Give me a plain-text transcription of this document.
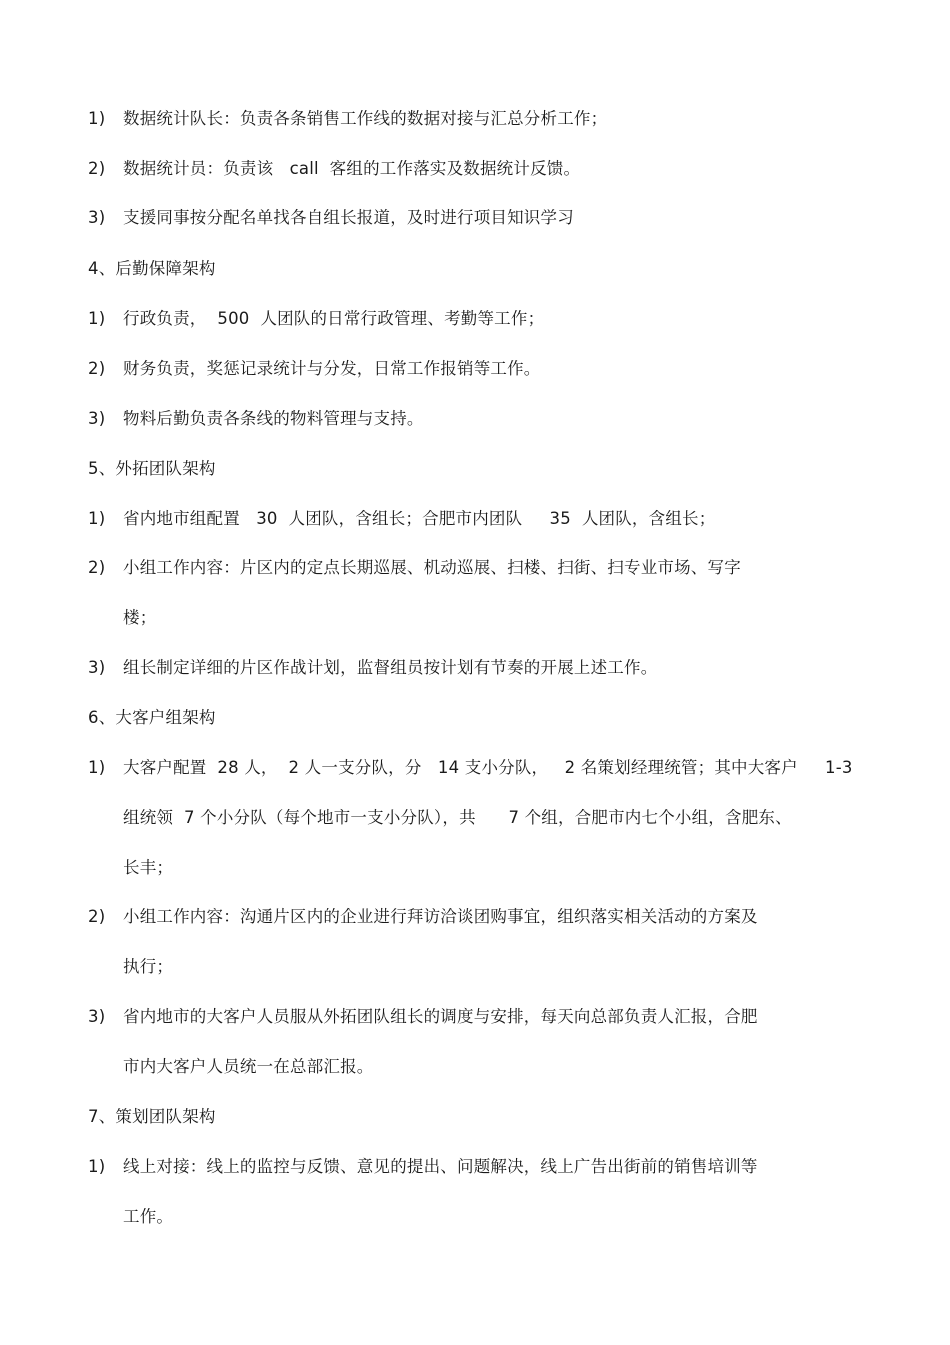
1)

数据统计队长：负责各条销售工作线的数据对接与汇总分析工作；

2)

数据统计员：负责该   call  客组的工作落实及数据统计反馈。

3)

支援同事按分配名单找各自组长报道，及时进行项目知识学习

4、后勤保障架构

1)

行政负责，  500  人团队的日常行政管理、考勤等工作；

2)

财务负责，奖惩记录统计与分发，日常工作报销等工作。

3)

物料后勤负责各条线的物料管理与支持。

5、外拓团队架构

1)

省内地市组配置   30  人团队，含组长；合肥市内团队     35  人团队，含组长；

2)

小组工作内容：片区内的定点长期巡展、机动巡展、扫楼、扫街、扫专业市场、写字

楼；

3)

组长制定详细的片区作战计划，监督组员按计划有节奏的开展上述工作。

6、大客户组架构

1)

大客户配置  28 人，  2 人一支分队，分   14 支小分队，   2 名策划经理统管；其中大客户     1-3

组统领  7 个小分队（每个地市一支小分队），共      7 个组，合肥市内七个小组，含肥东、
长丰；

2)

小组工作内容：沟通片区内的企业进行拜访洽谈团购事宜，组织落实相关活动的方案及

执行；

3)

省内地市的大客户人员服从外拓团队组长的调度与安排，每天向总部负责人汇报，合肥

市内大客户人员统一在总部汇报。
7、策划团队架构

1)

线上对接：线上的监控与反馈、意见的提出、问题解决，线上广告出街前的销售培训等

工作。
